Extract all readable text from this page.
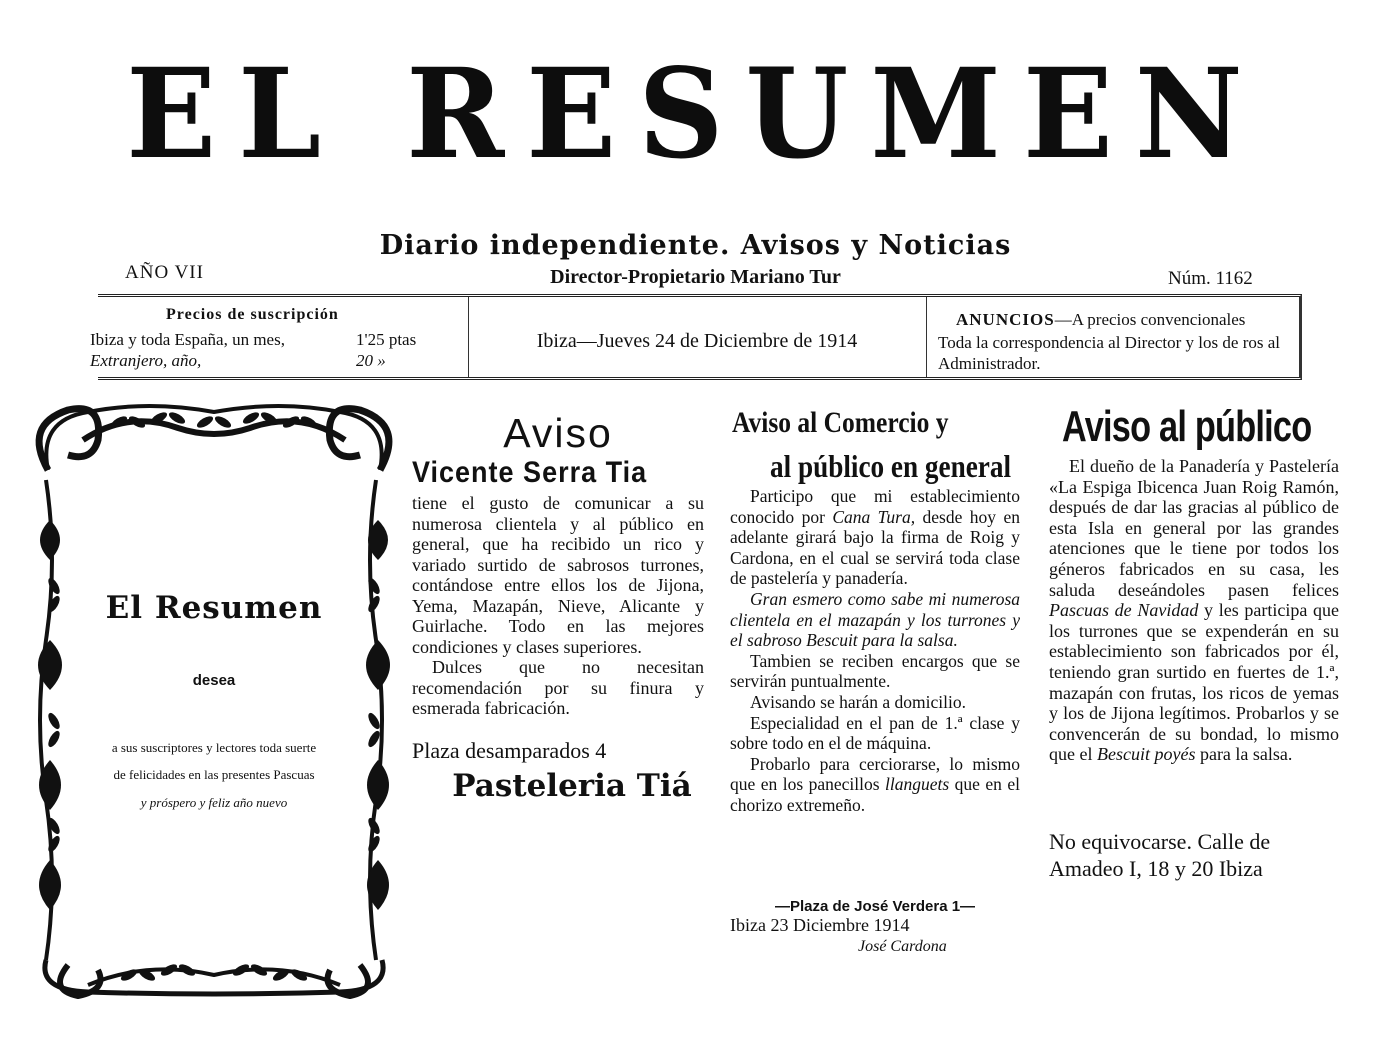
EL RESUMEN
Diario independiente. Avisos y Noticias
AÑO VII	Director-Propietario Mariano Tur	Núm. 1162
Precios de suscripción
Ibiza y toda España, un mes,	1'25 ptas
Extranjero, año,	20 »
Ibiza—Jueves 24 de Diciembre de 1914
ANUNCIOS—A precios convencionales
Toda la correspondencia al Director y los de ros al Administrador.
El Resumen
desea
a sus suscriptores y lectores toda suerte
de felicidades en las presentes Pascuas
y próspero y feliz año nuevo
Aviso
Vicente Serra Tia

tiene el gusto de comunicar a su numerosa clientela y al público en general, que ha recibido un rico y variado surtido de sabrosos turrones, contándose entre ellos los de Jijona, Yema, Mazapán, Nieve, Alicante y Guirlache. Todo en las mejores condiciones y clases superiores.

Dulces que no necesitan recomendación por su finura y esmerada fabricación.

Plaza desamparados 4
Pasteleria Tiá
Aviso al Comercio y
al público en general

Participo que mi establecimiento conocido por Cana Tura, desde hoy en adelante girará bajo la firma de Roig y Cardona, en el cual se servirá toda clase de pastelería y panadería.

Gran esmero como sabe mi numerosa clientela en el mazapán y los turrones y el sabroso Bescuit para la salsa.

Tambien se reciben encargos que se servirán puntualmente.

Avisando se harán a domicilio.

Especialidad en el pan de 1.ª clase y sobre todo en el de máquina.

Probarlo para cerciorarse, lo mismo que en los panecillos llanguets que en el chorizo extremeño.

—Plaza de José Verdera 1—
Ibiza 23 Diciembre 1914
José Cardona
Aviso al público

El dueño de la Panadería y Pastelería «La Espiga Ibicenca Juan Roig Ramón, después de dar las gracias al público de esta Isla en general por las grandes atenciones que le tiene por todos los géneros fabricados en su casa, les saluda deseándoles pasen felices Pascuas de Navidad y les participa que los turrones que se expenderán en su establecimiento son fabricados por él, teniendo gran surtido en fuertes de 1.ª, mazapán con frutas, los ricos de yemas y los de Jijona legítimos. Probarlos y se convencerán de su bondad, lo mismo que el Bescuit poyés para la salsa.

No equivocarse. Calle de Amadeo I, 18 y 20 Ibiza
